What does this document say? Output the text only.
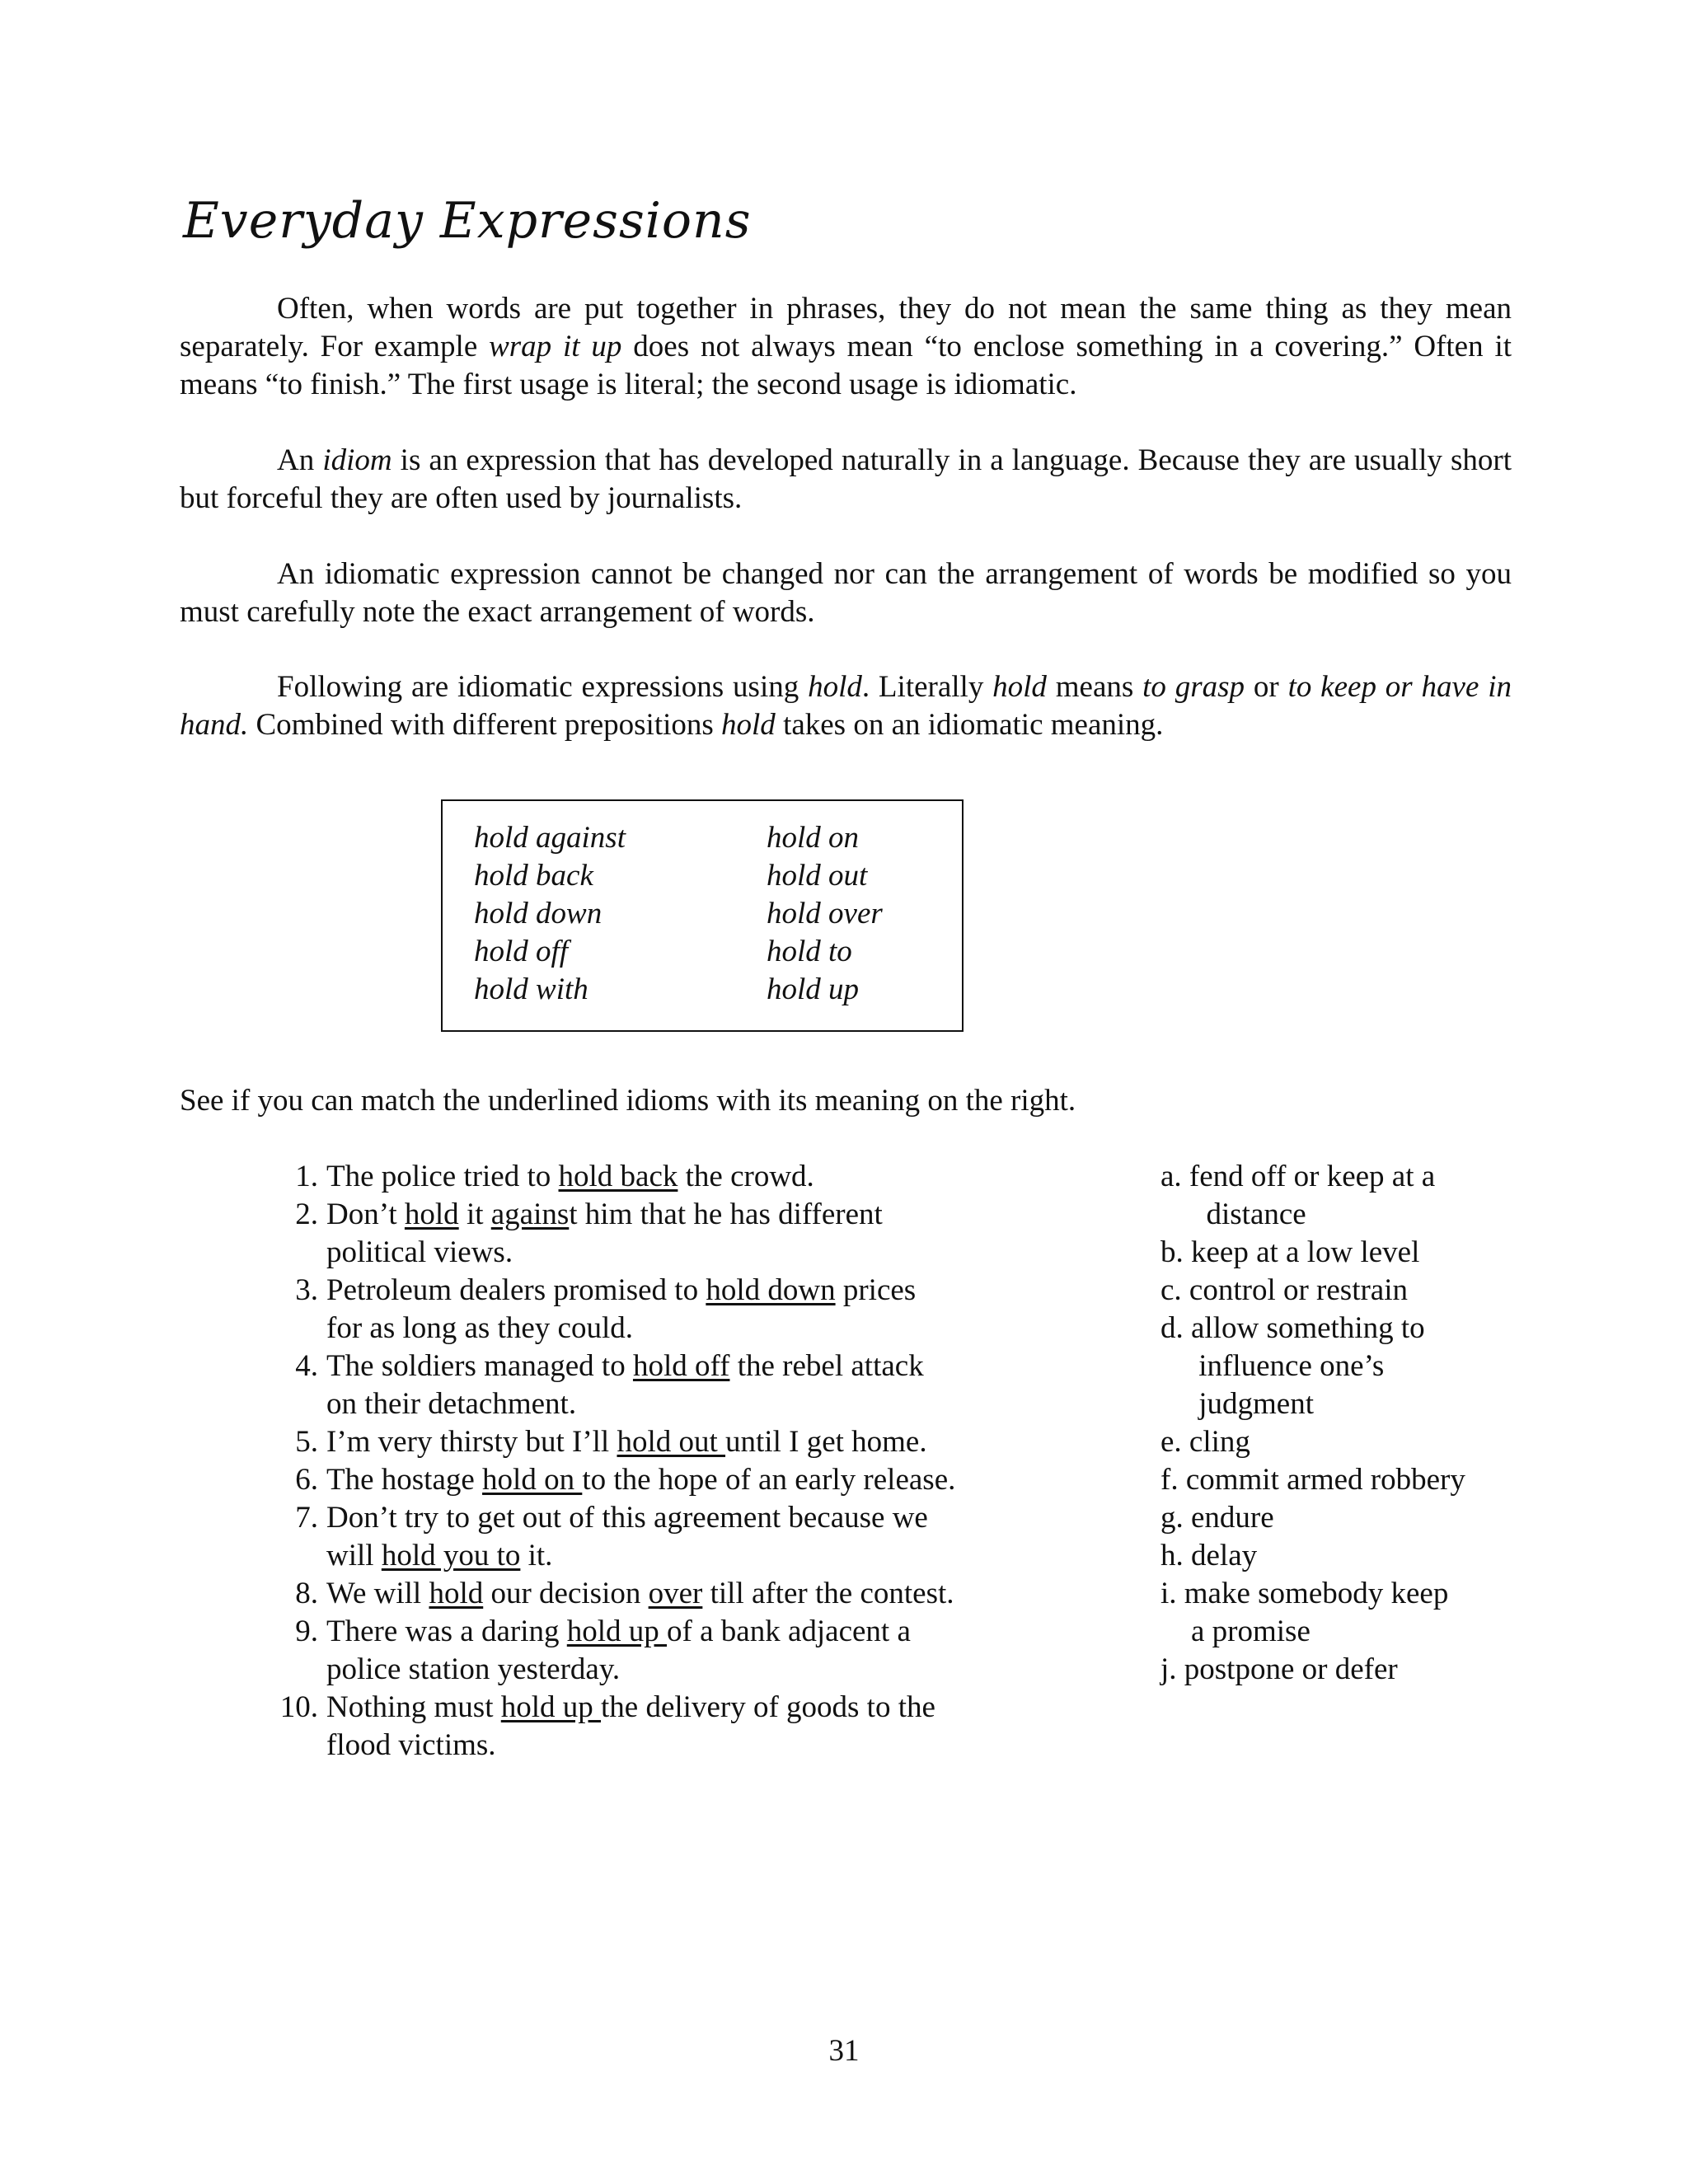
Everyday Expressions

Often, when words are put together in phrases, they do not mean the same thing as they mean separately. For example wrap it up does not always mean “to enclose something in a covering.” Often it means “to finish.” The first usage is literal; the second usage is idiomatic.

An idiom is an expression that has developed naturally in a language. Because they are usually short but forceful they are often used by journalists.

An idiomatic expression cannot be changed nor can the arrangement of words be modified so you must carefully note the exact arrangement of words.

Following are idiomatic expressions using hold. Literally hold means to grasp or to keep or have in hand. Combined with different prepositions hold takes on an idiomatic meaning.

hold against
hold back
hold down
hold off
hold with
hold on
hold out
hold over
hold to
hold up
See if you can match the underlined idioms with its meaning on the right.
1. The police tried to hold back the crowd.
2. Don’t hold it against him that he has different
political views.
3. Petroleum dealers promised to hold down prices
for as long as they could.
4. The soldiers managed to hold off the rebel attack
on their detachment.
5. I’m very thirsty but I’ll hold out until I get home.
6. The hostage hold on to the hope of an early release.
7. Don’t try to get out of this agreement because we
will hold you to it.
8. We will hold our decision over till after the contest.
9. There was a daring hold up of a bank adjacent a
police station yesterday.
10. Nothing must hold up the delivery of goods to the
flood victims.
a. fend off or keep at a
distance
b. keep at a low level
c. control or restrain
d. allow something to
influence one’s
judgment
e. cling
f. commit armed robbery
g. endure
h. delay
i. make somebody keep
a promise
j. postpone or defer
31
